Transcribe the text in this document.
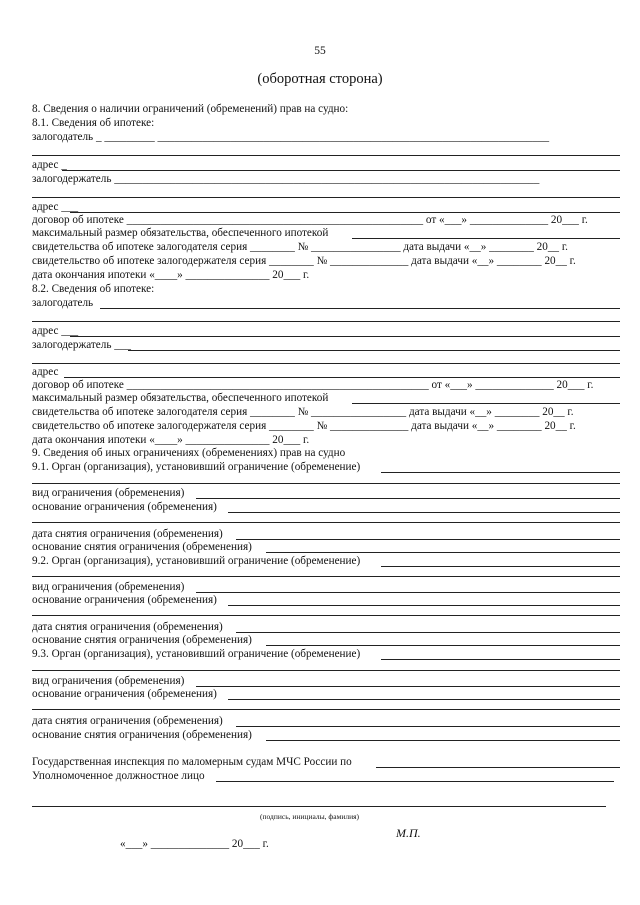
55
(оборотная сторона)
8. Сведения о наличии ограничений (обременений) прав на судно:
8.1. Сведения об ипотеке:
залогодатель _ _________ ______________________________________________________________________
адрес _
залогодержатель ____________________________________________________________________________
адрес ___
договор об ипотеке _____________________________________________________ от «___» ______________ 20___ г.
максимальный размер обязательства, обеспеченного ипотекой
свидетельства об ипотеке залогодателя серия ________ № ________________ дата выдачи «__» ________ 20__ г.
свидетельство об ипотеке залогодержателя серия ________ № ______________ дата выдачи «__» ________ 20__ г.
дата окончания ипотеки «____» _______________ 20___ г.
8.2. Сведения об ипотеке:
залогодатель
адрес ___
залогодержатель ___
адрес
договор об ипотеке ______________________________________________________ от «___» ______________ 20___ г.
максимальный размер обязательства, обеспеченного ипотекой
свидетельства об ипотеке залогодателя серия ________ № _________________ дата выдачи «__» ________ 20__ г.
свидетельство об ипотеке залогодержателя серия ________ № ______________ дата выдачи «__» ________ 20__ г.
дата окончания ипотеки «____» _______________ 20___ г.
9. Сведения об иных ограничениях (обременениях) прав на судно
9.1. Орган (организация), установивший ограничение (обременение)
вид ограничения (обременения)
основание ограничения (обременения)
дата снятия ограничения (обременения)
основание снятия ограничения (обременения)
9.2. Орган (организация), установивший ограничение (обременение)
вид ограничения (обременения)
основание ограничения (обременения)
дата снятия ограничения (обременения)
основание снятия ограничения (обременения)
9.3. Орган (организация), установивший ограничение (обременение)
вид ограничения (обременения)
основание ограничения (обременения)
дата снятия ограничения (обременения)
основание снятия ограничения (обременения)
Государственная инспекция по маломерным судам МЧС России по
Уполномоченное должностное лицо
(подпись, инициалы, фамилия)
М.П.
«___» ______________ 20___ г.
